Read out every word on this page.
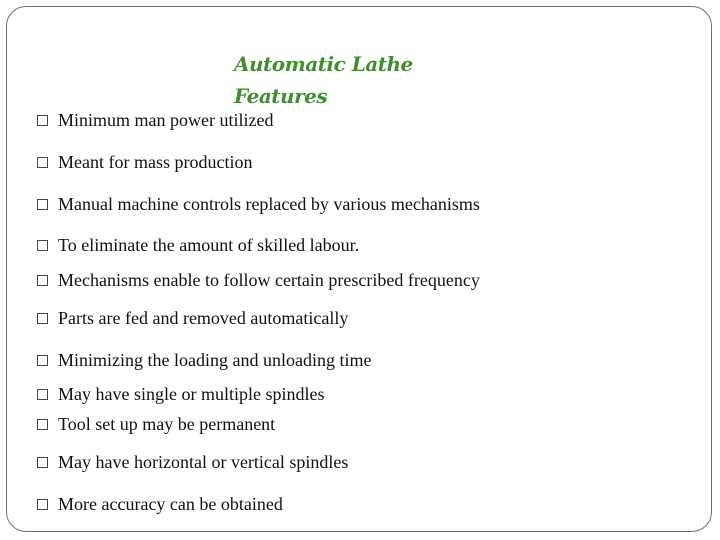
Automatic Lathe
Features
Minimum man power utilized
Meant for mass production
Manual machine controls replaced by various mechanisms
To eliminate the amount of skilled labour.
Mechanisms enable to follow certain prescribed frequency
Parts are fed and removed automatically
Minimizing the loading and unloading time
May have single or multiple spindles
Tool set up may be permanent
May have horizontal or vertical spindles
More accuracy can be obtained
